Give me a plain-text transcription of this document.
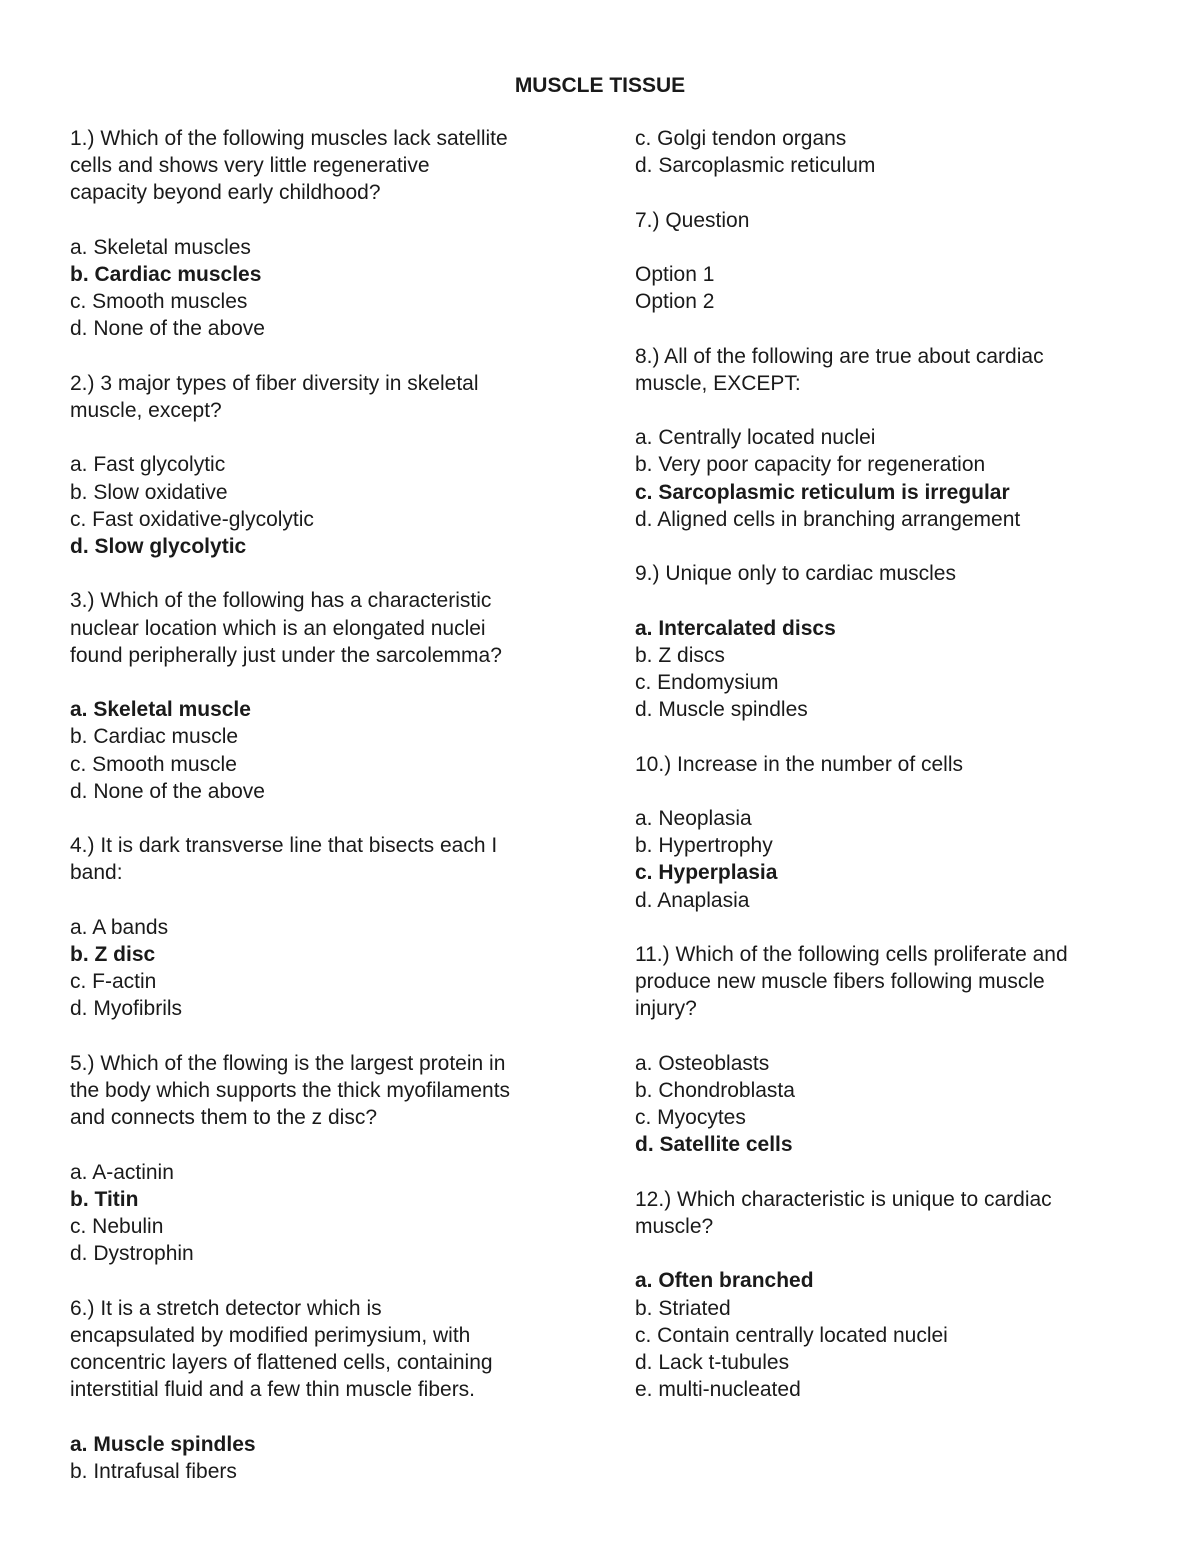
MUSCLE TISSUE
1.) Which of the following muscles lack satellite
cells and shows very little regenerative
capacity beyond early childhood?
a. Skeletal muscles
b. Cardiac muscles
c. Smooth muscles
d. None of the above
2.) 3 major types of fiber diversity in skeletal
muscle, except?
a. Fast glycolytic
b. Slow oxidative
c. Fast oxidative-glycolytic
d. Slow glycolytic
3.) Which of the following has a characteristic
nuclear location which is an elongated nuclei
found peripherally just under the sarcolemma?
a. Skeletal muscle
b. Cardiac muscle
c. Smooth muscle
d. None of the above
4.) It is dark transverse line that bisects each I
band:
a. A bands
b. Z disc
c. F-actin
d. Myofibrils
5.) Which of the flowing is the largest protein in
the body which supports the thick myofilaments
and connects them to the z disc?
a. A-actinin
b. Titin
c. Nebulin
d. Dystrophin
6.) It is a stretch detector which is
encapsulated by modified perimysium, with
concentric layers of flattened cells, containing
interstitial fluid and a few thin muscle fibers.
a. Muscle spindles
b. Intrafusal fibers
c. Golgi tendon organs
d. Sarcoplasmic reticulum
7.) Question
Option 1
Option 2
8.) All of the following are true about cardiac
muscle, EXCEPT:
a. Centrally located nuclei
b. Very poor capacity for regeneration
c. Sarcoplasmic reticulum is irregular
d. Aligned cells in branching arrangement
9.) Unique only to cardiac muscles
a. Intercalated discs
b. Z discs
c. Endomysium
d. Muscle spindles
10.) Increase in the number of cells
a. Neoplasia
b. Hypertrophy
c. Hyperplasia
d. Anaplasia
11.) Which of the following cells proliferate and
produce new muscle fibers following muscle
injury?
a. Osteoblasts
b. Chondroblasta
c. Myocytes
d. Satellite cells
12.) Which characteristic is unique to cardiac
muscle?
a. Often branched
b. Striated
c. Contain centrally located nuclei
d. Lack t-tubules
e. multi-nucleated
